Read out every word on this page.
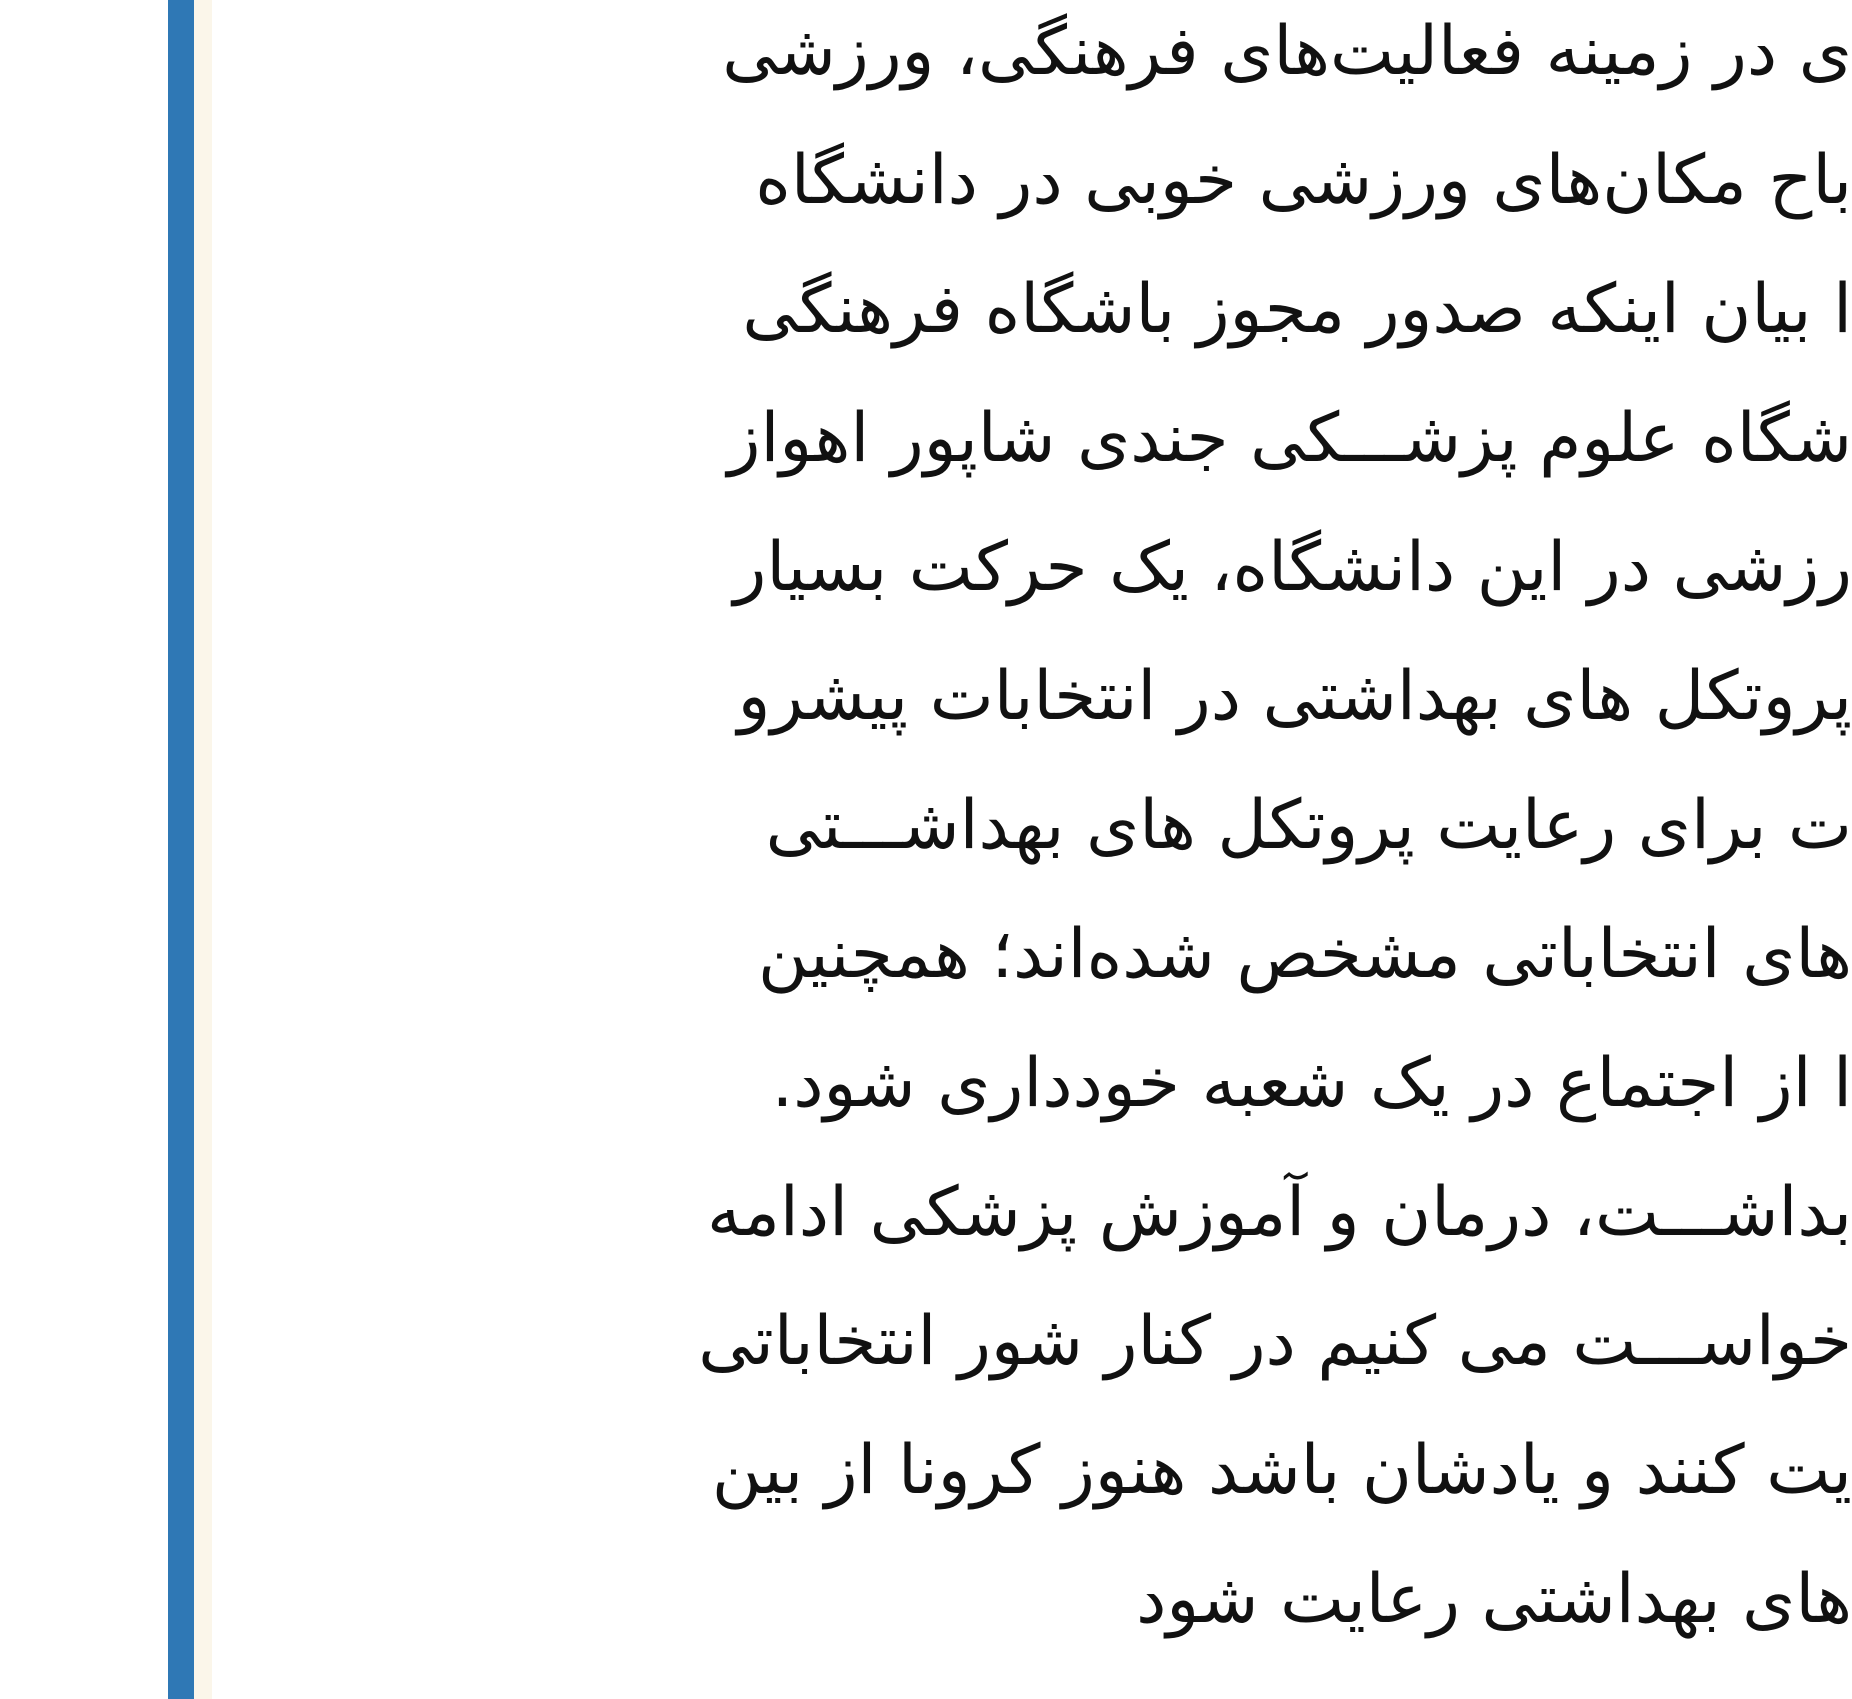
ی در زمینه فعالیت‌های فرهنگی، ورزشی
باح مکان‌های ورزشی خوبی در دانشگاه
ا بیان اینکه صدور مجوز باشگاه فرهنگی
شگاه علوم پزشـــکی جندی شاپور اهواز
رزشی در این دانشگاه، یک حرکت بسیار
پروتکل های بهداشتی در انتخابات پیشرو
ت برای رعایت پروتکل های بهداشـــتی
های انتخاباتی مشخص شده‌اند؛ همچنین
ا از اجتماع در یک شعبه خودداری شود.
بداشـــت، درمان و آموزش پزشکی ادامه
خواســـت می کنیم در کنار شور انتخاباتی
یت کنند و یادشان باشد هنوز کرونا از بین
های بهداشتی رعایت شود
